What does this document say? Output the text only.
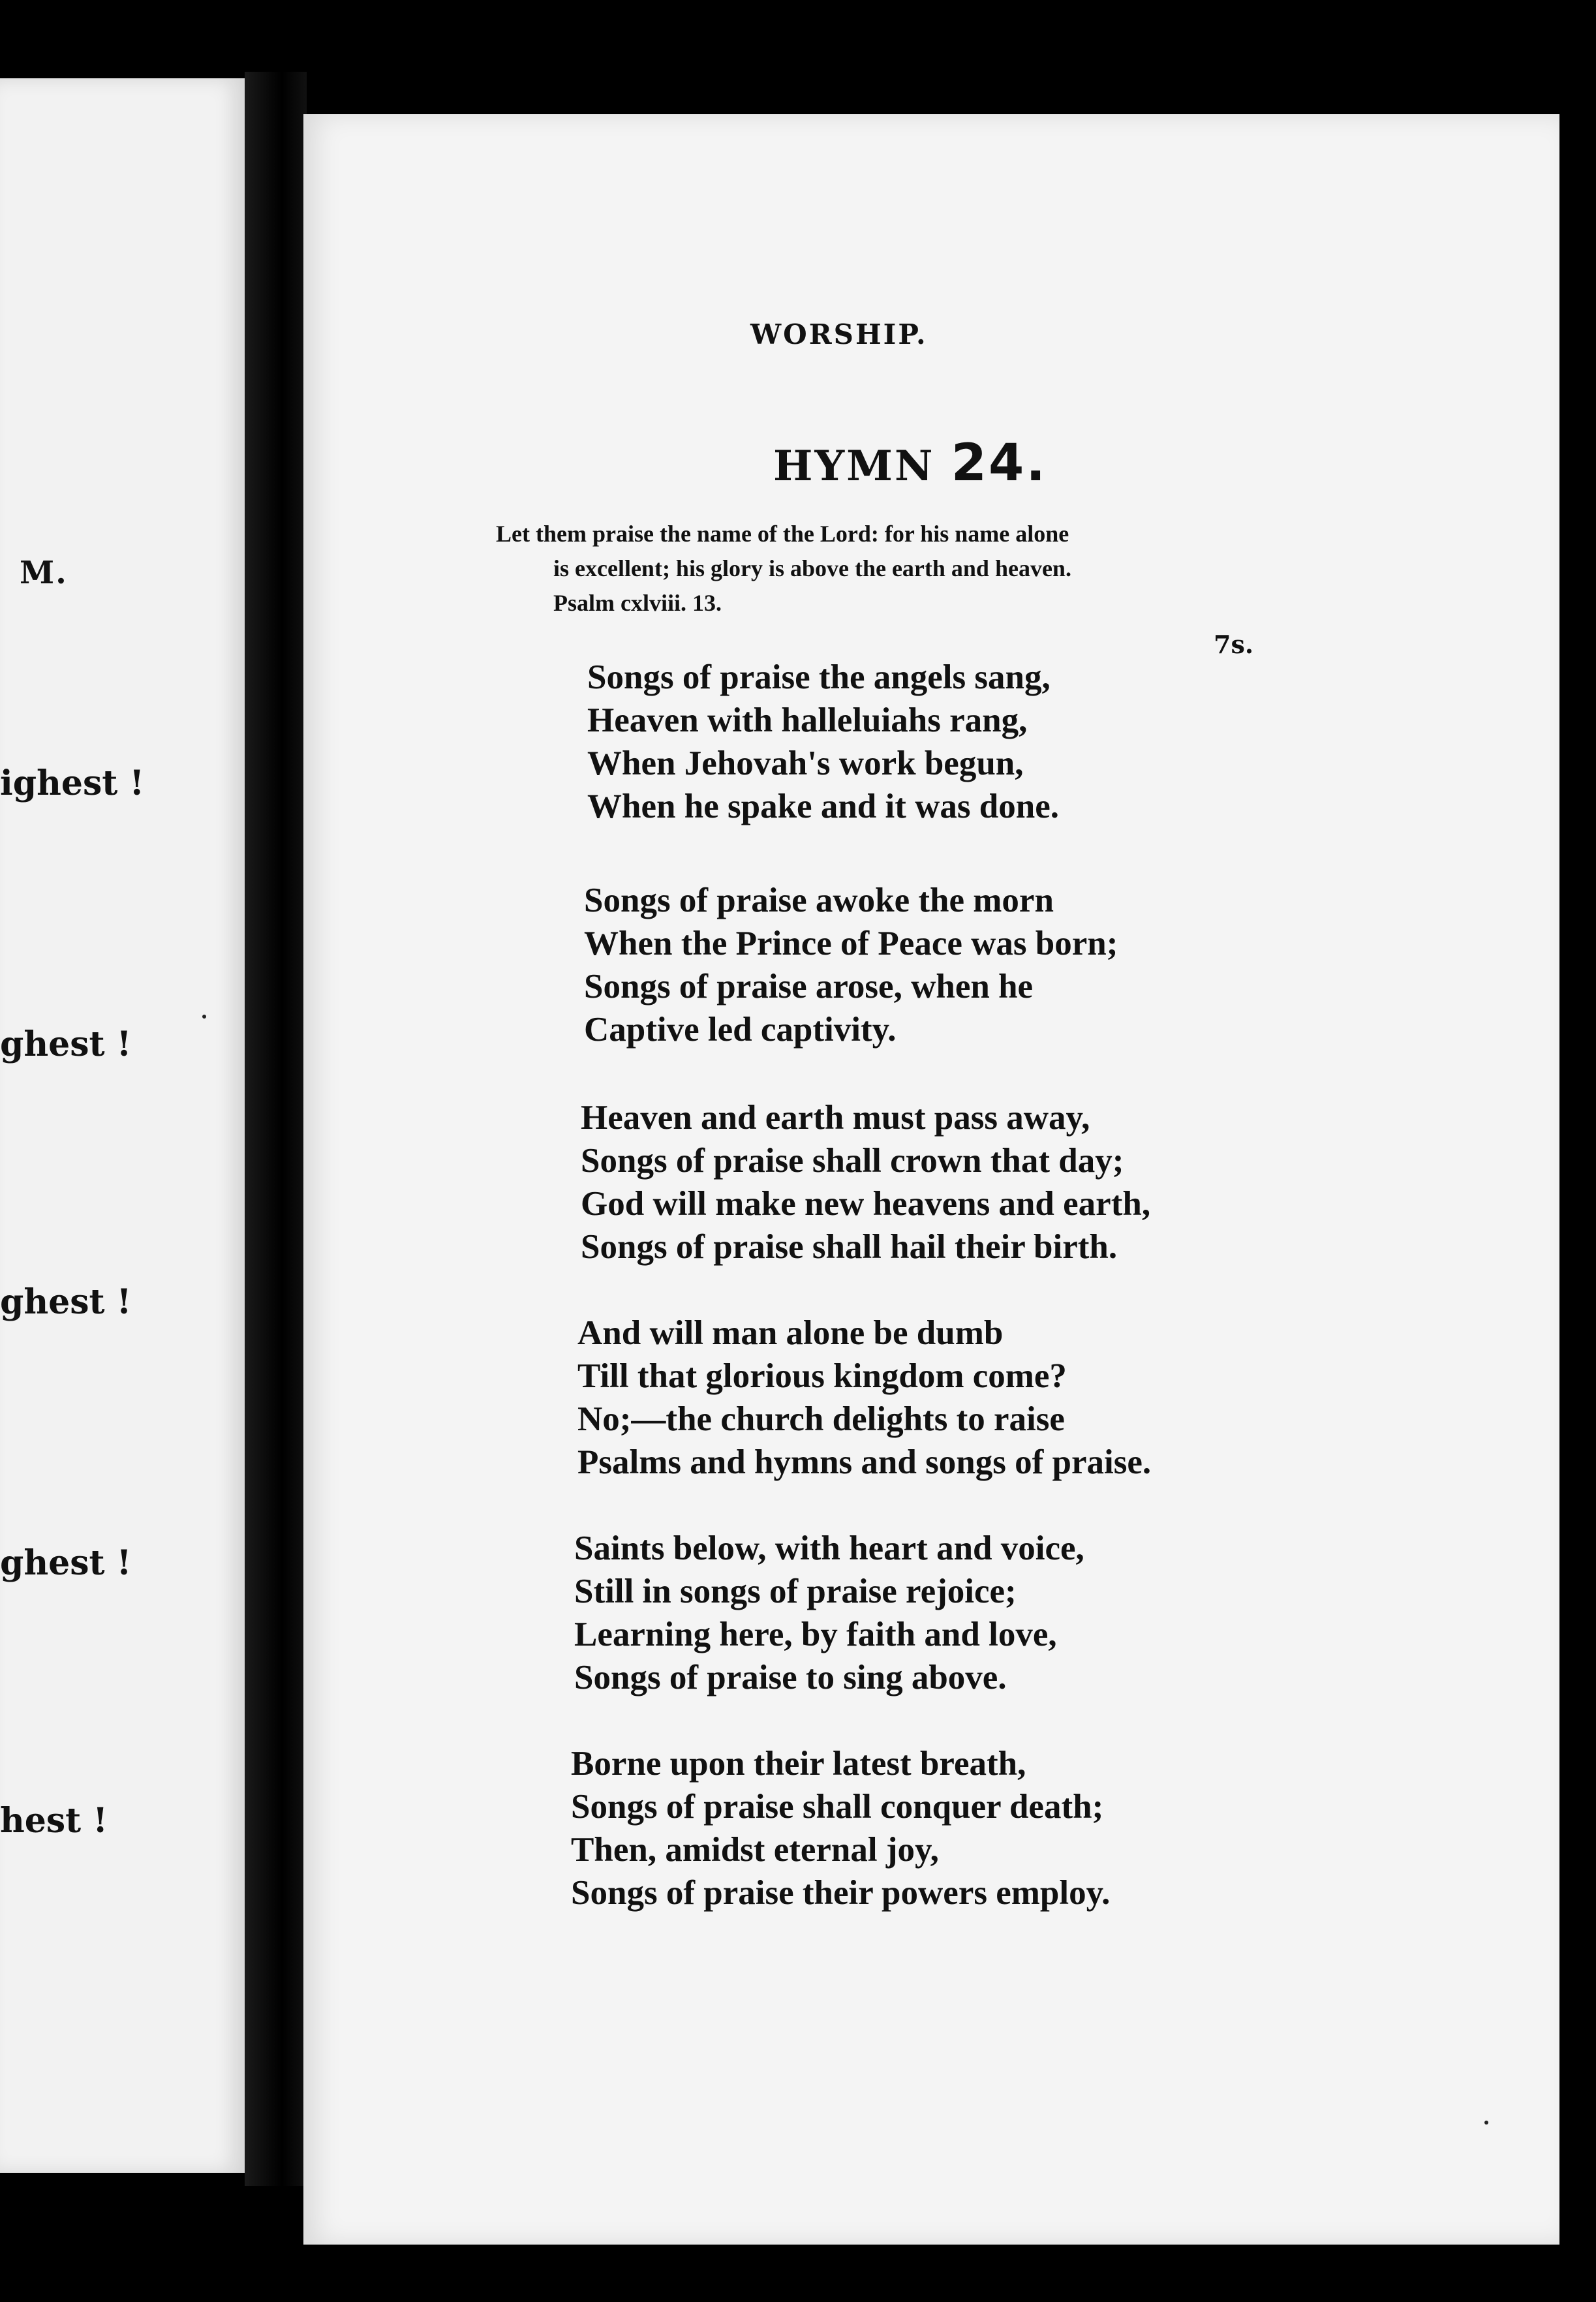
M.
ighest !
ghest !
ghest !
ghest !
hest !
WORSHIP.
HYMN 24.
Let them praise the name of the Lord: for his name alone
is excellent; his glory is above the earth and heaven.
Psalm cxlviii. 13.
7s.
Songs of praise the angels sang,
Heaven with halleluiahs rang,
When Jehovah's work begun,
When he spake and it was done.
Songs of praise awoke the morn
When the Prince of Peace was born;
Songs of praise arose, when he
Captive led captivity.
Heaven and earth must pass away,
Songs of praise shall crown that day;
God will make new heavens and earth,
Songs of praise shall hail their birth.
And will man alone be dumb
Till that glorious kingdom come?
No;—the church delights to raise
Psalms and hymns and songs of praise.
Saints below, with heart and voice,
Still in songs of praise rejoice;
Learning here, by faith and love,
Songs of praise to sing above.
Borne upon their latest breath,
Songs of praise shall conquer death;
Then, amidst eternal joy,
Songs of praise their powers employ.
